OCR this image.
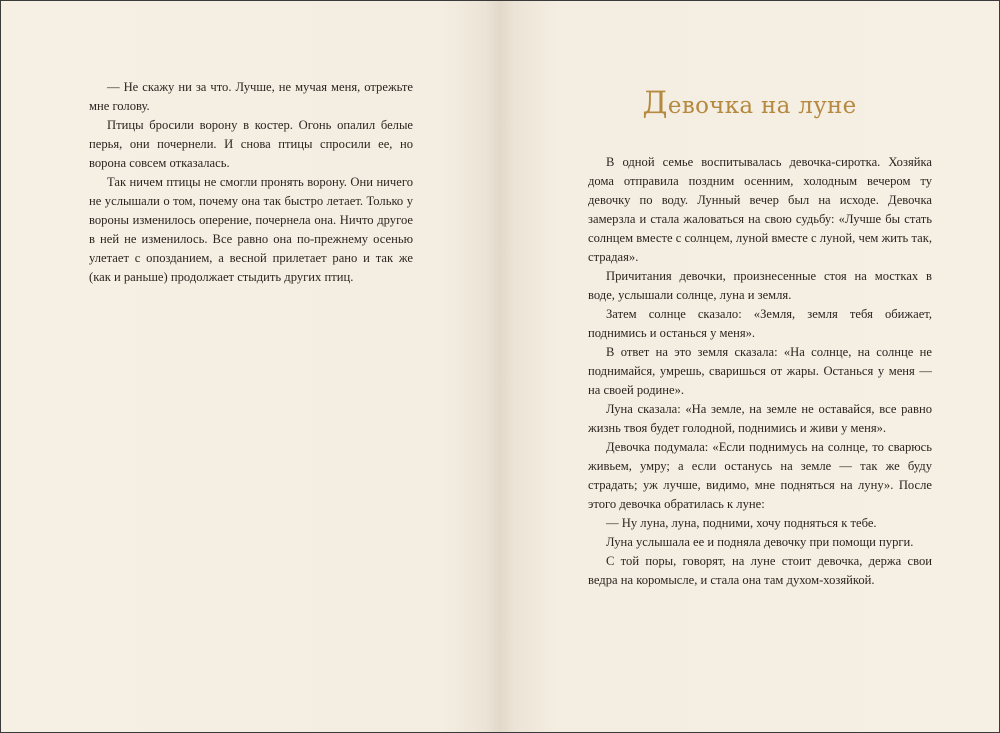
— Не скажу ни за что. Лучше, не мучая меня, отрежьте мне голову.

Птицы бросили ворону в костер. Огонь опалил белые перья, они почернели. И снова птицы спросили ее, но ворона совсем отказалась.

Так ничем птицы не смогли пронять ворону. Они ничего не услышали о том, почему она так быстро летает. Только у вороны изменилось оперение, почернела она. Ничто другое в ней не изменилось. Все равно она по-прежнему осенью улетает с опозданием, а весной прилетает рано и так же (как и раньше) продолжает стыдить других птиц.

Девочка на луне

В одной семье воспитывалась девочка-сиротка. Хозяйка дома отправила поздним осенним, холодным вечером ту девочку по воду. Лунный вечер был на исходе. Девочка замерзла и стала жаловаться на свою судьбу: «Лучше бы стать солнцем вместе с солнцем, луной вместе с луной, чем жить так, страдая».

Причитания девочки, произнесенные стоя на мостках в воде, услышали солнце, луна и земля.

Затем солнце сказало: «Земля, земля тебя обижает, поднимись и останься у меня».

В ответ на это земля сказала: «На солнце, на солнце не поднимайся, умрешь, сваришься от жары. Останься у меня — на своей родине».

Луна сказала: «На земле, на земле не оставайся, все равно жизнь твоя будет голодной, поднимись и живи у меня».

Девочка подумала: «Если поднимусь на солнце, то сварюсь живьем, умру; а если останусь на земле — так же буду страдать; уж лучше, видимо, мне подняться на луну». После этого девочка обратилась к луне:

— Ну луна, луна, подними, хочу подняться к тебе.

Луна услышала ее и подняла девочку при помощи пурги.

С той поры, говорят, на луне стоит девочка, держа свои ведра на коромысле, и стала она там духом-хозяйкой.
